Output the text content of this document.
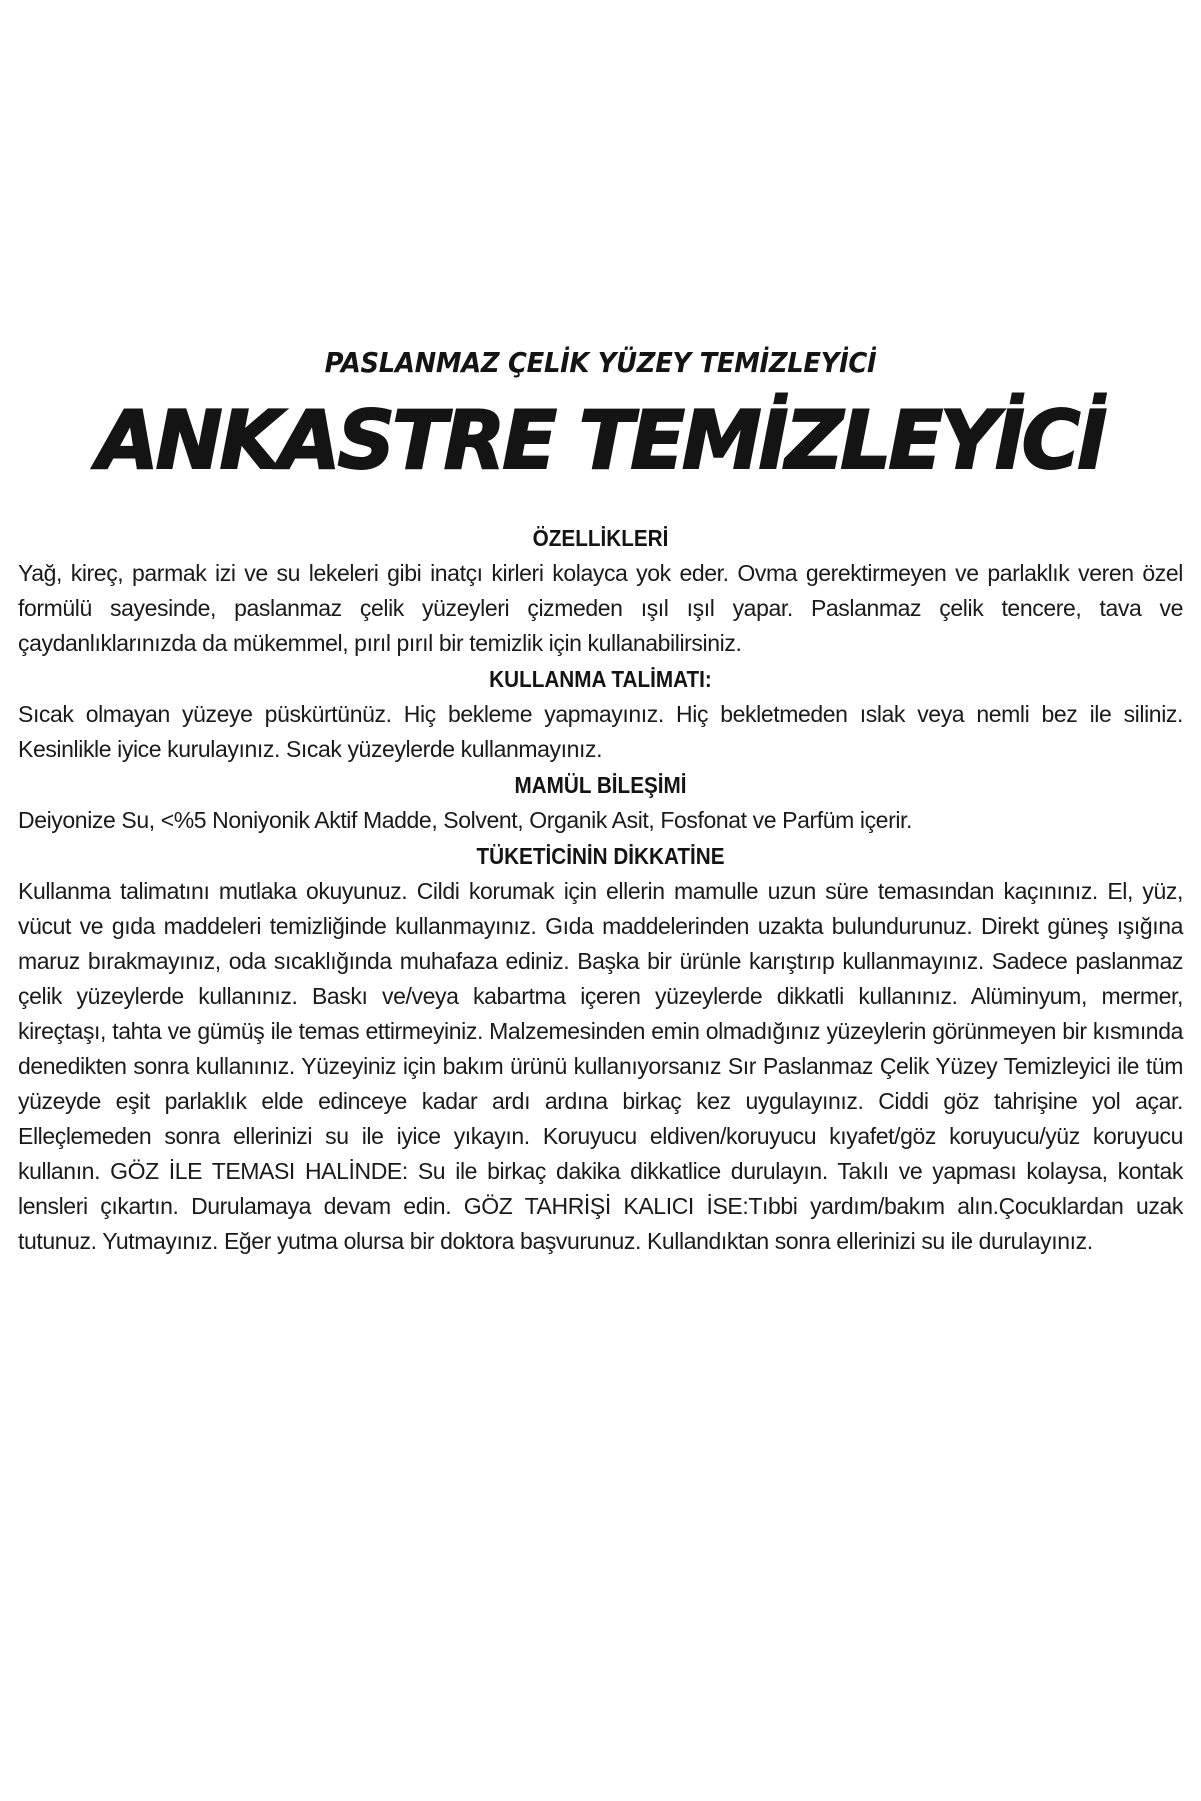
PASLANMAZ ÇELİK YÜZEY TEMİZLEYİCİ
ANKASTRE TEMİZLEYİCİ
ÖZELLİKLERİ
Yağ, kireç, parmak izi ve su lekeleri gibi inatçı kirleri kolayca yok eder. Ovma gerektirmeyen ve parlaklık veren özel formülü sayesinde, paslanmaz çelik yüzeyleri çizmeden ışıl ışıl yapar. Paslanmaz çelik tencere, tava ve çaydanlıklarınızda da mükemmel, pırıl pırıl bir temizlik için kullanabilirsiniz.
KULLANMA TALİMATI:
Sıcak olmayan yüzeye püskürtünüz. Hiç bekleme yapmayınız. Hiç bekletmeden ıslak veya nemli bez ile siliniz. Kesinlikle iyice kurulayınız. Sıcak yüzeylerde kullanmayınız.
MAMÜL BİLEŞİMİ
Deiyonize Su, <%5 Noniyonik Aktif Madde, Solvent, Organik Asit, Fosfonat ve Parfüm içerir.
TÜKETİCİNİN DİKKATİNE
Kullanma talimatını mutlaka okuyunuz. Cildi korumak için ellerin mamulle uzun süre temasından kaçınınız. El, yüz, vücut ve gıda maddeleri temizliğinde kullanmayınız. Gıda maddelerinden uzakta bulundurunuz. Direkt güneş ışığına maruz bırakmayınız, oda sıcaklığında muhafaza ediniz. Başka bir ürünle karıştırıp kullanmayınız. Sadece paslanmaz çelik yüzeylerde kullanınız. Baskı ve/veya kabartma içeren yüzeylerde dikkatli kullanınız. Alüminyum, mermer, kireçtaşı, tahta ve gümüş ile temas ettirmeyiniz. Malzemesinden emin olmadığınız yüzeylerin görünmeyen bir kısmında denedikten sonra kullanınız. Yüzeyiniz için bakım ürünü kullanıyorsanız Sır Paslanmaz Çelik Yüzey Temizleyici ile tüm yüzeyde eşit parlaklık elde edinceye kadar ardı ardına birkaç kez uygulayınız. Ciddi göz tahrişine yol açar. Elleçlemeden sonra ellerinizi su ile iyice yıkayın. Koruyucu eldiven/koruyucu kıyafet/göz koruyucu/yüz koruyucu kullanın. GÖZ İLE TEMASI HALİNDE: Su ile birkaç dakika dikkatlice durulayın. Takılı ve yapması kolaysa, kontak lensleri çıkartın. Durulamaya devam edin. GÖZ TAHRİŞİ KALICI İSE:Tıbbi yardım/bakım alın.Çocuklardan uzak tutunuz. Yutmayınız. Eğer yutma olursa bir doktora başvurunuz. Kullandıktan sonra ellerinizi su ile durulayınız.
